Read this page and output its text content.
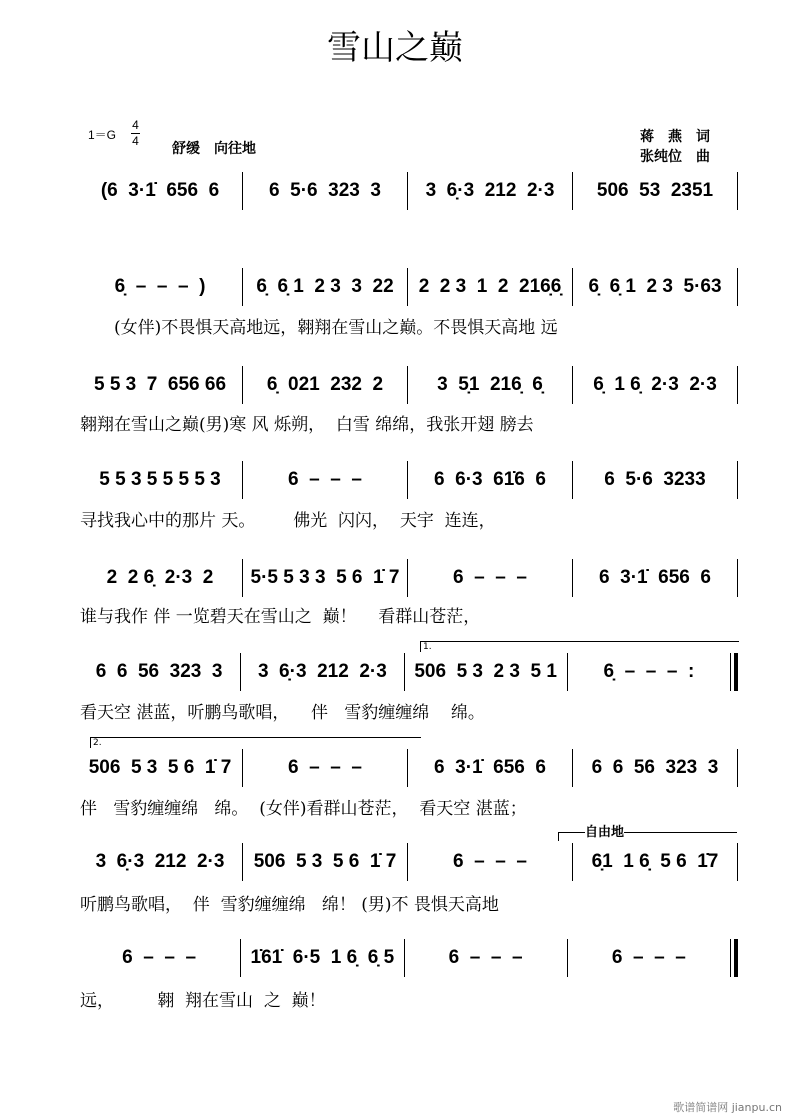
雪山之巅
1＝G
4
4 舒缓　向往地
蒋　燕　词
张纯位　曲
1.
2.
自由地
(6  3·1̇  656  6	6  5·6  323  3	3  6̣·3  212  2·3	506  53  2351
6̣  –  –  –  )	6̣  6̣ 1  2 3  3  22	2  2 3  1  2  216̣6̣	6̣  6̣ 1  2 3  5·63
　　(女伴)不畏惧天高地远，翱翔在雪山之巅。不畏惧天高地 远
5 5 3  7  656 66	6̣  021  232  2	3  5̣1  216̣  6̣	6̣  1 6̣  2·3  2·3
翱翔在雪山之巅(男)寒 风 烁朔，  白雪 绵绵，我张开翅 膀去
5 5 3 5 5 5 5 3	6  –  –  –	6  6·3  61̇6  6	6  5·6  3233
寻找我心中的那片 天。       佛光  闪闪，  天宇  连连，
2  2 6̣  2·3  2	5·5 5 3 3  5 6  1̇ 7	6  –  –  –	6  3·1̇  656  6
谁与我作 伴 一览碧天在雪山之  巅！    看群山苍茫，
6  6  56  323  3	3  6̣·3  212  2·3	506  5 3  2 3  5 1	6̣  –  –  –  :
看天空 湛蓝，听鹏鸟歌唱，    伴   雪豹缠缠绵    绵。
506  5 3  5 6  1̇ 7	6  –  –  –	6  3·1̇  656  6	6  6  56  323  3
伴   雪豹缠缠绵   绵。  (女伴)看群山苍茫，  看天空 湛蓝；
3  6̣·3  212  2·3	506  5 3  5 6  1̇ 7	6  –  –  –	6̣1  1 6̣  5 6  1̇7
听鹏鸟歌唱，  伴  雪豹缠缠绵   绵！ (男)不 畏惧天高地
6  –  –  –	1̇61̇  6·5  1 6̣  6̣ 5	6  –  –  –	6  –  –  –
远，        翱  翔在雪山  之  巅！
歌谱简谱网 jianpu.cn
